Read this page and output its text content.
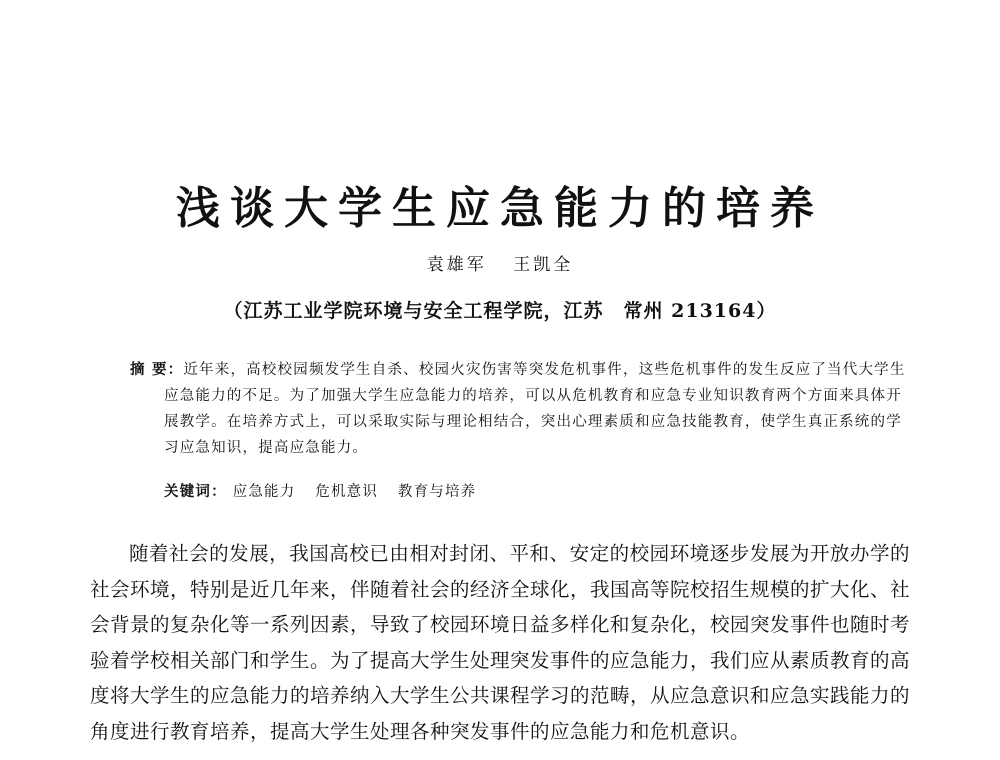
浅谈大学生应急能力的培养
袁雄军 王凯全
（江苏工业学院环境与安全工程学院，江苏　常州 213164）
摘 要：近年来，高校校园频发学生自杀、校园火灾伤害等突发危机事件，这些危机事件的发生反应了当代大学生应急能力的不足。为了加强大学生应急能力的培养，可以从危机教育和应急专业知识教育两个方面来具体开展教学。在培养方式上，可以采取实际与理论相结合，突出心理素质和应急技能教育，使学生真正系统的学习应急知识，提高应急能力。
关键词： 应急能力 危机意识 教育与培养

随着社会的发展，我国高校已由相对封闭、平和、安定的校园环境逐步发展为开放办学的社会环境，特别是近几年来，伴随着社会的经济全球化，我国高等院校招生规模的扩大化、社会背景的复杂化等一系列因素，导致了校园环境日益多样化和复杂化，校园突发事件也随时考验着学校相关部门和学生。为了提高大学生处理突发事件的应急能力，我们应从素质教育的高度将大学生的应急能力的培养纳入大学生公共课程学习的范畴，从应急意识和应急实践能力的角度进行教育培养，提高大学生处理各种突发事件的应急能力和危机意识。
